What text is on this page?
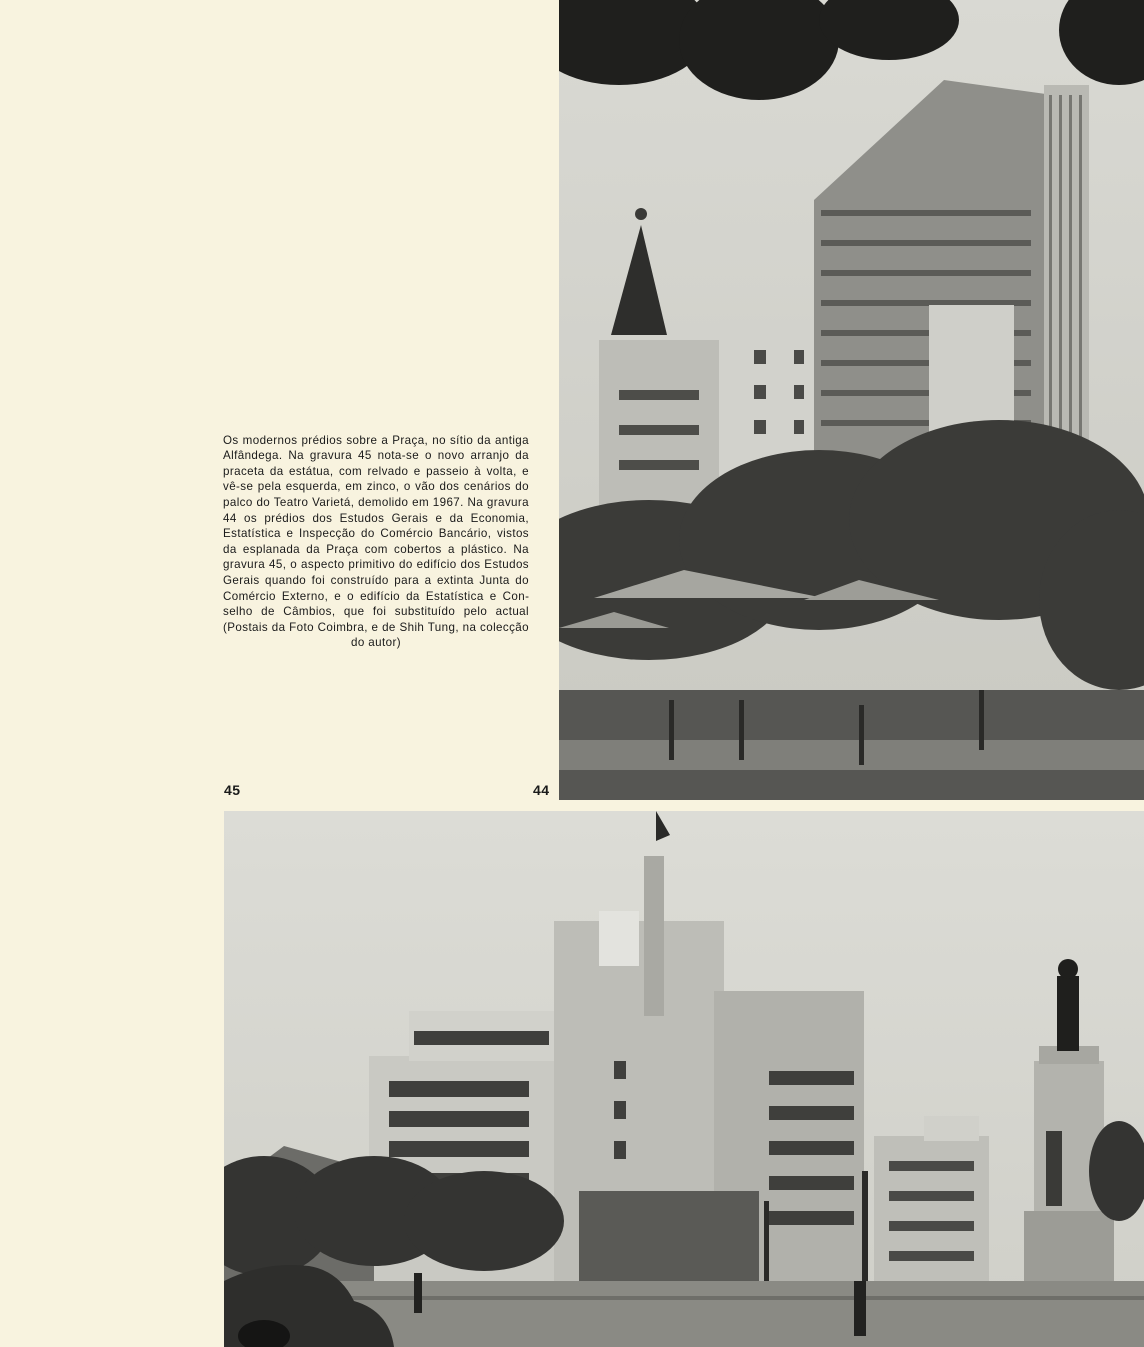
Os modernos prédios sobre a Praça, no sítio da antiga Alfândega. Na gravura 45 nota-se o novo arranjo da praceta da estátua, com relvado e passeio à volta, e vê-se pela esquerda, em zinco, o vão dos cenários do palco do Teatro Varietá, demolido em 1967. Na gravura 44 os prédios dos Estudos Gerais e da Economia, Estatística e Inspecção do Comércio Bancário, vistos da esplanada da Praça com cobertos a plástico. Na gravura 45, o aspecto primitivo do edifício dos Estudos Gerais quando foi construído para a extinta Junta do Comércio Externo, e o edifício da Estatística e Conselho de Câmbios, que foi substituído pelo actual (Postais da Foto Coimbra, e de Shih Tung, na colecção do autor)

45	44
